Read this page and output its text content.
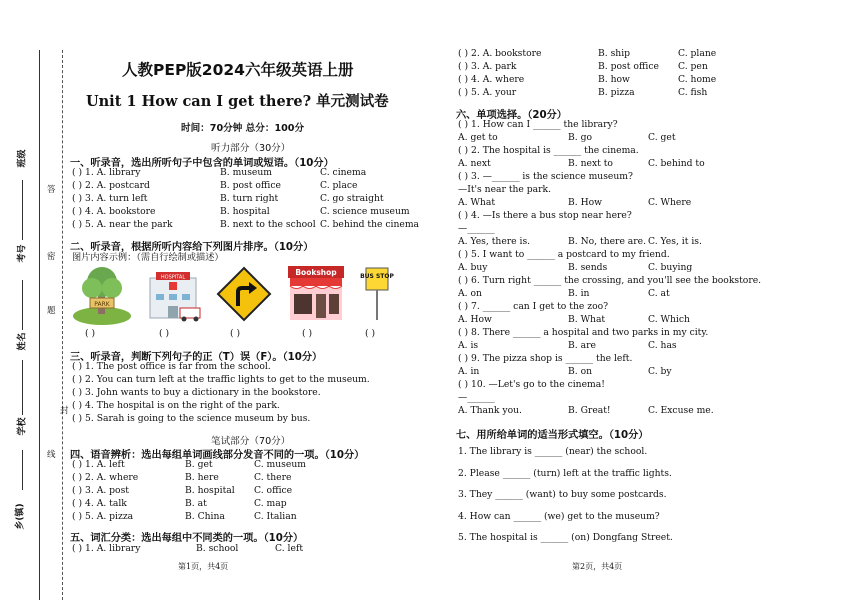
班级
考号
姓名
学校
乡(镇)
答
密
题
封
线
人教PEP版2024六年级英语上册
Unit 1 How can I get there? 单元测试卷
时间：70分钟 总分：100分
听力部分（30分）
一、听录音，选出所听句子中包含的单词或短语。（10分）
( ) 1. A. library	B. museum	C. cinema
( ) 2. A. postcard	B. post office	C. place
( ) 3. A. turn left	B. turn right	C. go straight
( ) 4. A. bookstore	B. hospital	C. science museum
( ) 5. A. near the park	B. next to the school C. behind the cinema
二、听录音，根据所听内容给下列图片排序。（10分）
图片内容示例：（需自行绘制或描述）
PARK
HOSPITAL
Bookshop	BUS STOP
( )	( )	( )	( )	( )
三、听录音，判断下列句子的正（T）误（F）。（10分）
( ) 1. The post office is far from the school.
( ) 2. You can turn left at the traffic lights to get to the museum.
( ) 3. John wants to buy a dictionary in the bookstore.
( ) 4. The hospital is on the right of the park.
( ) 5. Sarah is going to the science museum by bus.
笔试部分（70分）
四、语音辨析：选出每组单词画线部分发音不同的一项。（10分）
( ) 1. A. left	B. get	C. museum
( ) 2. A. where	B. here	C. there
( ) 3. A. post	B. hospital C. office
( ) 4. A. talk	B. at	C. map
( ) 5. A. pizza	B. China	C. Italian
五、词汇分类：选出每组中不同类的一项。（10分）
( ) 1. A. library	B. school	C. left
第1页，共4页
( ) 2. A. bookstore	B. ship	C. plane
( ) 3. A. park	B. post office C. pen
( ) 4. A. where	B. how	C. home
( ) 5. A. your	B. pizza	C. fish
六、单项选择。（20分）
( ) 1. How can I ______ the library?
A. get to	B. go	C. get
( ) 2. The hospital is ______ the cinema.
A. next	B. next to	C. behind to
( ) 3. —______ is the science museum?
—It's near the park.
A. What	B. How	C. Where
( ) 4. —Is there a bus stop near here?
—______
A. Yes, there is.	B. No, there are. C. Yes, it is.
( ) 5. I want to ______ a postcard to my friend.
A. buy	B. sends	C. buying
( ) 6. Turn right ______ the crossing, and you'll see the bookstore.
A. on	B. in	C. at
( ) 7. ______ can I get to the zoo?
A. How	B. What	C. Which
( ) 8. There ______ a hospital and two parks in my city.
A. is	B. are	C. has
( ) 9. The pizza shop is ______ the left.
A. in	B. on	C. by
( ) 10. —Let's go to the cinema!
—______
A. Thank you.	B. Great!	C. Excuse me.
七、用所给单词的适当形式填空。（10分）
1. The library is ______ (near) the school.
2. Please ______ (turn) left at the traffic lights.
3. They ______ (want) to buy some postcards.
4. How can ______ (we) get to the museum?
5. The hospital is ______ (on) Dongfang Street.
第2页，共4页
